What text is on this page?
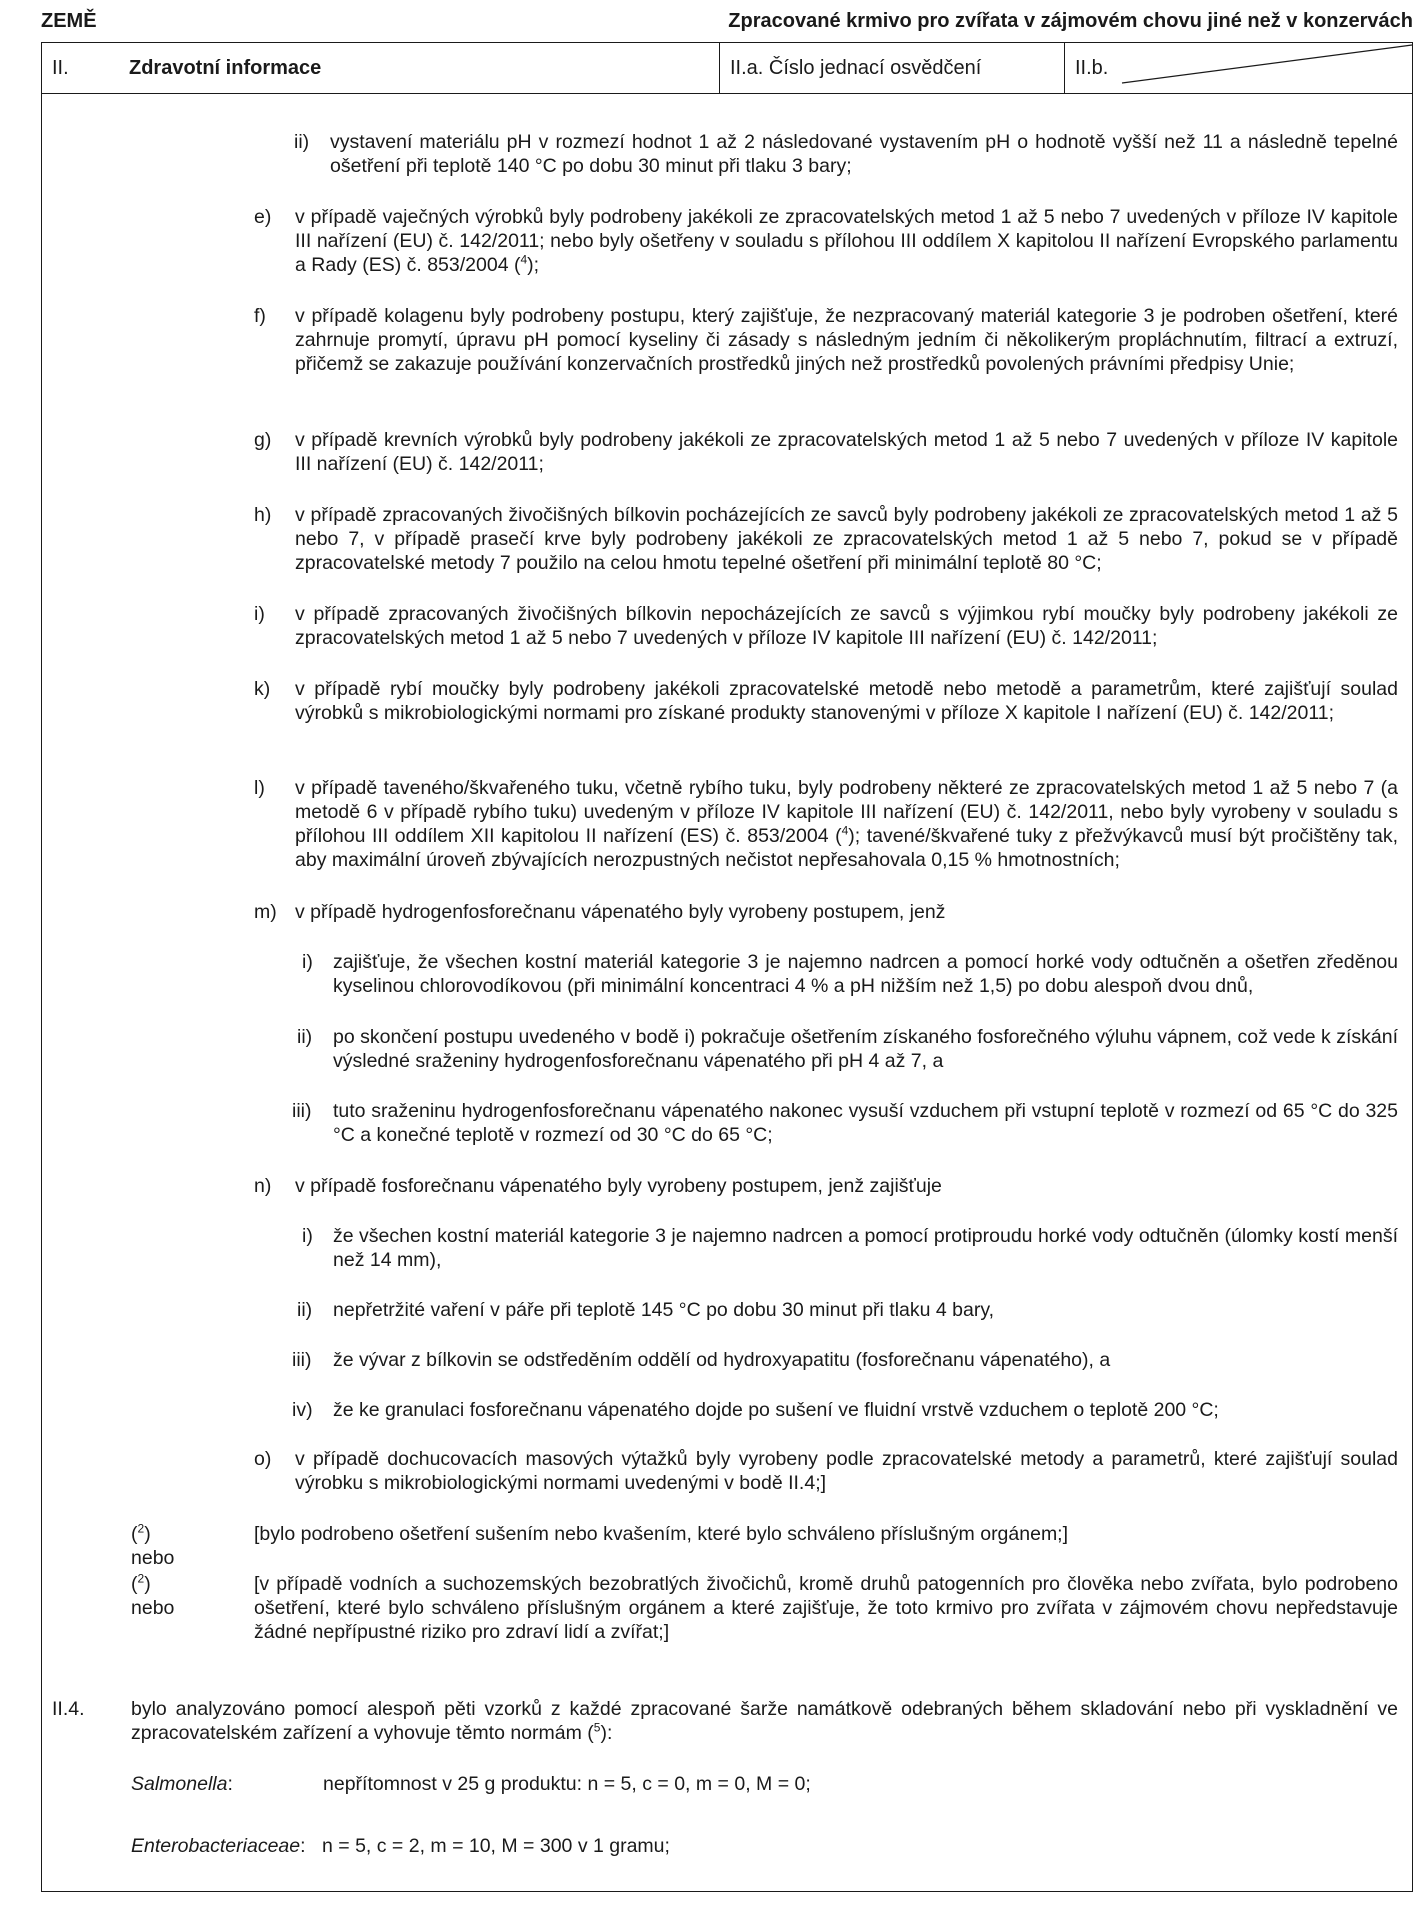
ZEMĚ	Zpracované krmivo pro zvířata v zájmovém chovu jiné než v konzervách
II.	Zdravotní informace	II.a. Číslo jednací osvědčení	II.b.
ii) vystavení materiálu pH v rozmezí hodnot 1 až 2 následované vystavením pH o hodnotě vyšší než 11 a následně tepelné ošetření při teplotě 140 °C po dobu 30 minut při tlaku 3 bary;
e) v případě vaječných výrobků byly podrobeny jakékoli ze zpracovatelských metod 1 až 5 nebo 7 uvedených v příloze IV kapitole III nařízení (EU) č. 142/2011; nebo byly ošetřeny v souladu s přílohou III oddílem X kapitolou II nařízení Evropského parlamentu a Rady (ES) č. 853/2004 ($^4$);
f) v případě kolagenu byly podrobeny postupu, který zajišťuje, že nezpracovaný materiál kategorie 3 je podroben ošetření, které zahrnuje promytí, úpravu pH pomocí kyseliny či zásady s následným jedním či několikerým propláchnutím, filtrací a extruzí, přičemž se zakazuje používání konzervačních prostředků jiných než prostředků povolených právními předpisy Unie;
g) v případě krevních výrobků byly podrobeny jakékoli ze zpracovatelských metod 1 až 5 nebo 7 uvedených v příloze IV kapitole III nařízení (EU) č. 142/2011;
h) v případě zpracovaných živočišných bílkovin pocházejících ze savců byly podrobeny jakékoli ze zpracovatelských metod 1 až 5 nebo 7, v případě prasečí krve byly podrobeny jakékoli ze zpracovatelských metod 1 až 5 nebo 7, pokud se v případě zpracovatelské metody 7 použilo na celou hmotu tepelné ošetření při minimální teplotě 80 °C;
i) v případě zpracovaných živočišných bílkovin nepocházejících ze savců s výjimkou rybí moučky byly podrobeny jakékoli ze zpracovatelských metod 1 až 5 nebo 7 uvedených v příloze IV kapitole III nařízení (EU) č. 142/2011;
k) v případě rybí moučky byly podrobeny jakékoli zpracovatelské metodě nebo metodě a parametrům, které zajišťují soulad výrobků s mikrobiologickými normami pro získané produkty stanovenými v příloze X kapitole I nařízení (EU) č. 142/2011;
l) v případě taveného/škvařeného tuku, včetně rybího tuku, byly podrobeny některé ze zpracovatelských metod 1 až 5 nebo 7 (a metodě 6 v případě rybího tuku) uvedeným v příloze IV kapitole III nařízení (EU) č. 142/2011, nebo byly vyrobeny v souladu s přílohou III oddílem XII kapitolou II nařízení (ES) č. 853/2004 ($^4$); tavené/škvařené tuky z přežvýkavců musí být pročištěny tak, aby maximální úroveň zbývajících nerozpustných nečistot nepřesahovala 0,15 % hmotnostních;
m) v případě hydrogenfosforečnanu vápenatého byly vyrobeny postupem, jenž
i) zajišťuje, že všechen kostní materiál kategorie 3 je najemno nadrcen a pomocí horké vody odtučněn a ošetřen zředěnou kyselinou chlorovodíkovou (při minimální koncentraci 4 % a pH nižším než 1,5) po dobu alespoň dvou dnů,
ii) po skončení postupu uvedeného v bodě i) pokračuje ošetřením získaného fosforečného výluhu vápnem, což vede k získání výsledné sraženiny hydrogenfosforečnanu vápenatého při pH 4 až 7, a
iii) tuto sraženinu hydrogenfosforečnanu vápenatého nakonec vysuší vzduchem při vstupní teplotě v rozmezí od 65 °C do 325 °C a konečné teplotě v rozmezí od 30 °C do 65 °C;
n) v případě fosforečnanu vápenatého byly vyrobeny postupem, jenž zajišťuje
i) že všechen kostní materiál kategorie 3 je najemno nadrcen a pomocí protiproudu horké vody odtučněn (úlomky kostí menší než 14 mm),
ii) nepřetržité vaření v páře při teplotě 145 °C po dobu 30 minut při tlaku 4 bary,
iii) že vývar z bílkovin se odstředěním oddělí od hydroxyapatitu (fosforečnanu vápenatého), a
iv) že ke granulaci fosforečnanu vápenatého dojde po sušení ve fluidní vrstvě vzduchem o teplotě 200 °C;
o) v případě dochucovacích masových výtažků byly vyrobeny podle zpracovatelské metody a parametrů, které zajišťují soulad výrobku s mikrobiologickými normami uvedenými v bodě II.4;]
($^2$) nebo
[bylo podrobeno ošetření sušením nebo kvašením, které bylo schváleno příslušným orgánem;]
($^2$) nebo
[v případě vodních a suchozemských bezobratlých živočichů, kromě druhů patogenních pro člověka nebo zvířata, bylo podrobeno ošetření, které bylo schváleno příslušným orgánem a které zajišťuje, že toto krmivo pro zvířata v zájmovém chovu nepředstavuje žádné nepřípustné riziko pro zdraví lidí a zvířat;]
II.4. bylo analyzováno pomocí alespoň pěti vzorků z každé zpracované šarže namátkově odebraných během skladování nebo při vyskladnění ve zpracovatelském zařízení a vyhovuje těmto normám ($^5$):
Salmonella:	nepřítomnost v 25 g produktu: n = 5, c = 0, m = 0, M = 0;
Enterobacteriaceae: n = 5, c = 2, m = 10, M = 300 v 1 gramu;
